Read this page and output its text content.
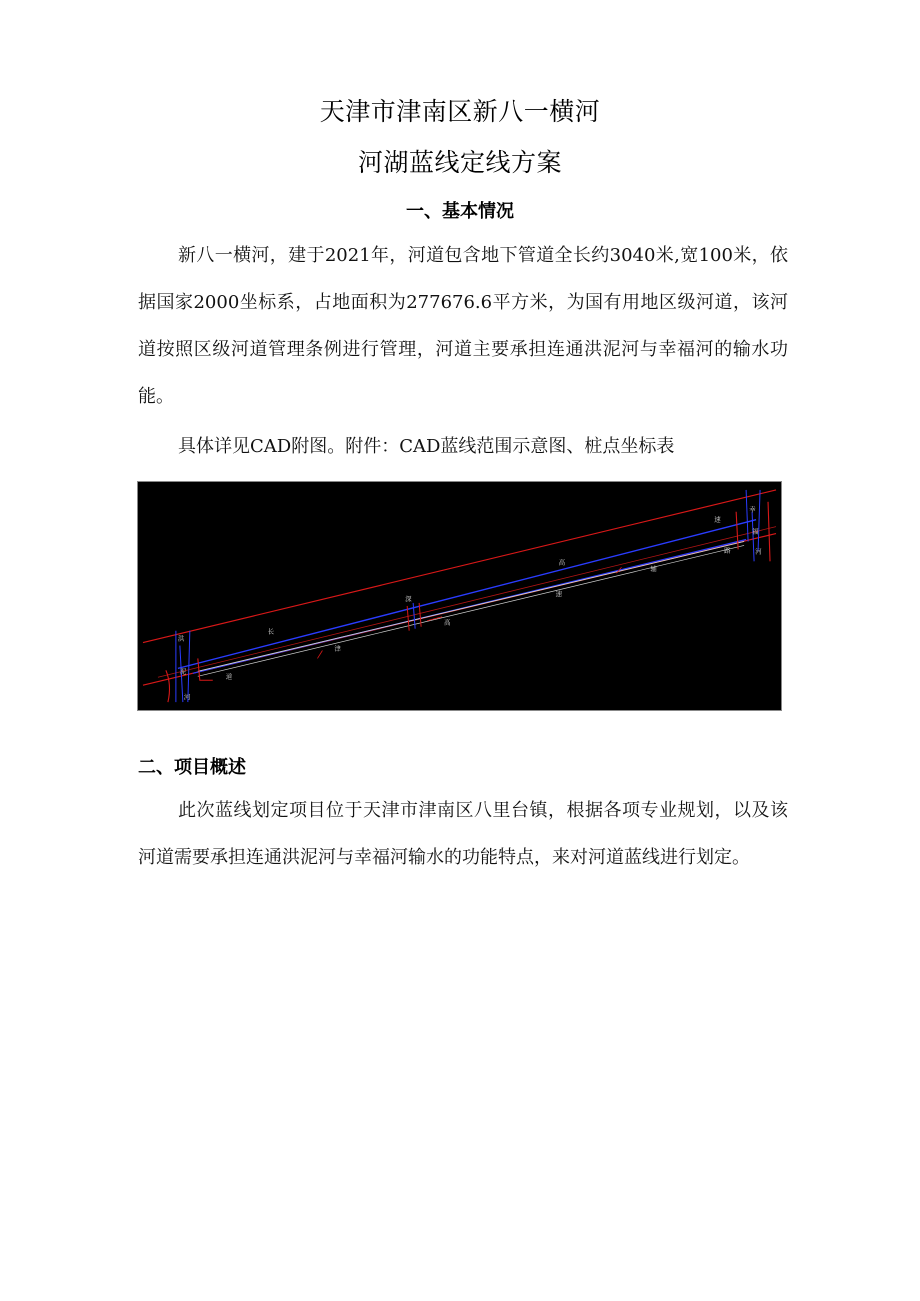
天津市津南区新八一横河
河湖蓝线定线方案
一、基本情况

新八一横河，建于2021年，河道包含地下管道全长约3040米,宽100米，依据国家2000坐标系，占地面积为277676.6平方米，为国有用地区级河道，该河道按照区级河道管理条例进行管理，河道主要承担连通洪泥河与幸福河的输水功能。

具体详见CAD附图。附件：CAD蓝线范围示意图、桩点坐标表

洪
泥
河
长
津
深
高
速
高
速
辅
幸
福
河
道
路
二、项目概述

此次蓝线划定项目位于天津市津南区八里台镇，根据各项专业规划，以及该河道需要承担连通洪泥河与幸福河输水的功能特点，来对河道蓝线进行划定。
